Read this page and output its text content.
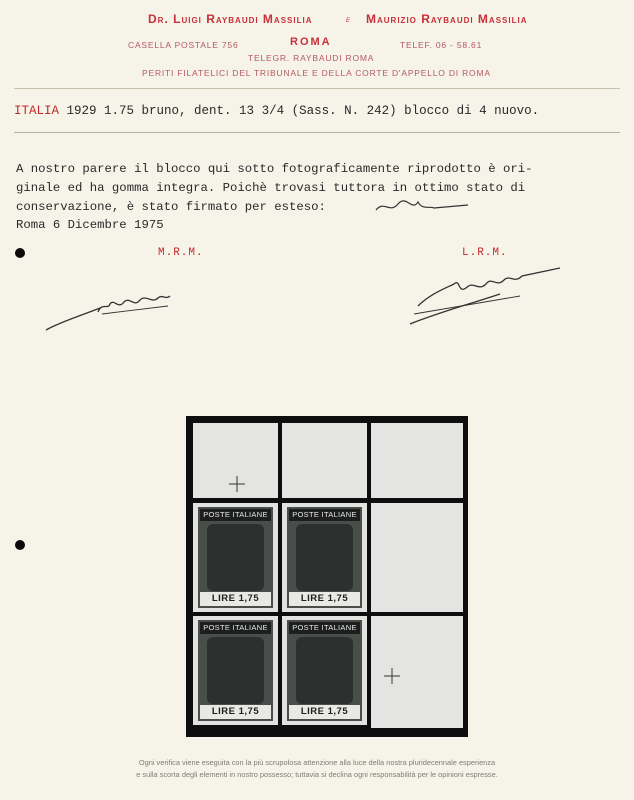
Dr. Luigi Raybaudi Massilia	e Maurizio Raybaudi Massilia
CASELLA POSTALE 756	ROMA	TELEF. 06 - 58.61
TELEGR. RAYBAUDI ROMA
PERITI FILATELICI DEL TRIBUNALE E DELLA CORTE D'APPELLO DI ROMA
ITALIA 1929 1.75 bruno, dent. 13 3/4 (Sass. N. 242) blocco di 4 nuovo.
A nostro parere il blocco qui sotto fotograficamente riprodotto è ori-
ginale ed ha gomma integra. Poichè trovasi tuttora in ottimo stato di
conservazione, è stato firmato per esteso:
Roma 6 Dicembre 1975
M.R.M.	L.R.M.
POSTE ITALIANE
LIRE 1,75
POSTE ITALIANE
LIRE 1,75
POSTE ITALIANE
LIRE 1,75
POSTE ITALIANE
LIRE 1,75
Ogni verifica viene eseguita con la più scrupolosa attenzione alla luce della nostra pluridecennale esperienza
e sulla scorta degli elementi in nostro possesso; tuttavia si declina ogni responsabilità per le opinioni espresse.
